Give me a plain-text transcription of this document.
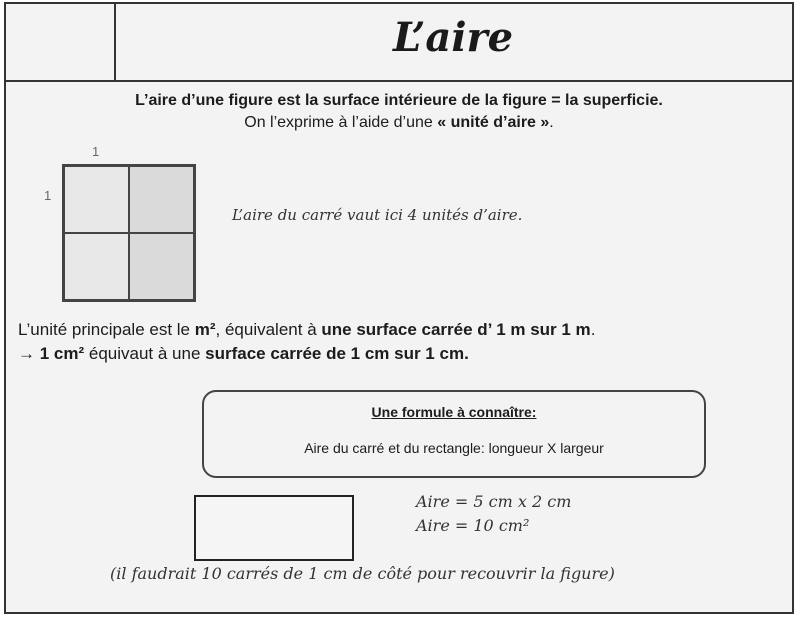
L’aire
L’aire d’une figure est la surface intérieure de la figure = la superficie.
On l’exprime à l’aide d’une « unité d’aire ».
1
1
L’aire du carré vaut ici 4 unités d’aire.
L’unité principale est le m², équivalent à une surface carrée d’ 1 m sur 1 m.
→ 1 cm² équivaut à une surface carrée de 1 cm sur 1 cm.
Une formule à connaître:
Aire du carré et du rectangle: longueur X largeur
Aire = 5 cm x 2 cm
Aire = 10 cm²
(il faudrait 10 carrés de 1 cm de côté pour recouvrir la figure)
